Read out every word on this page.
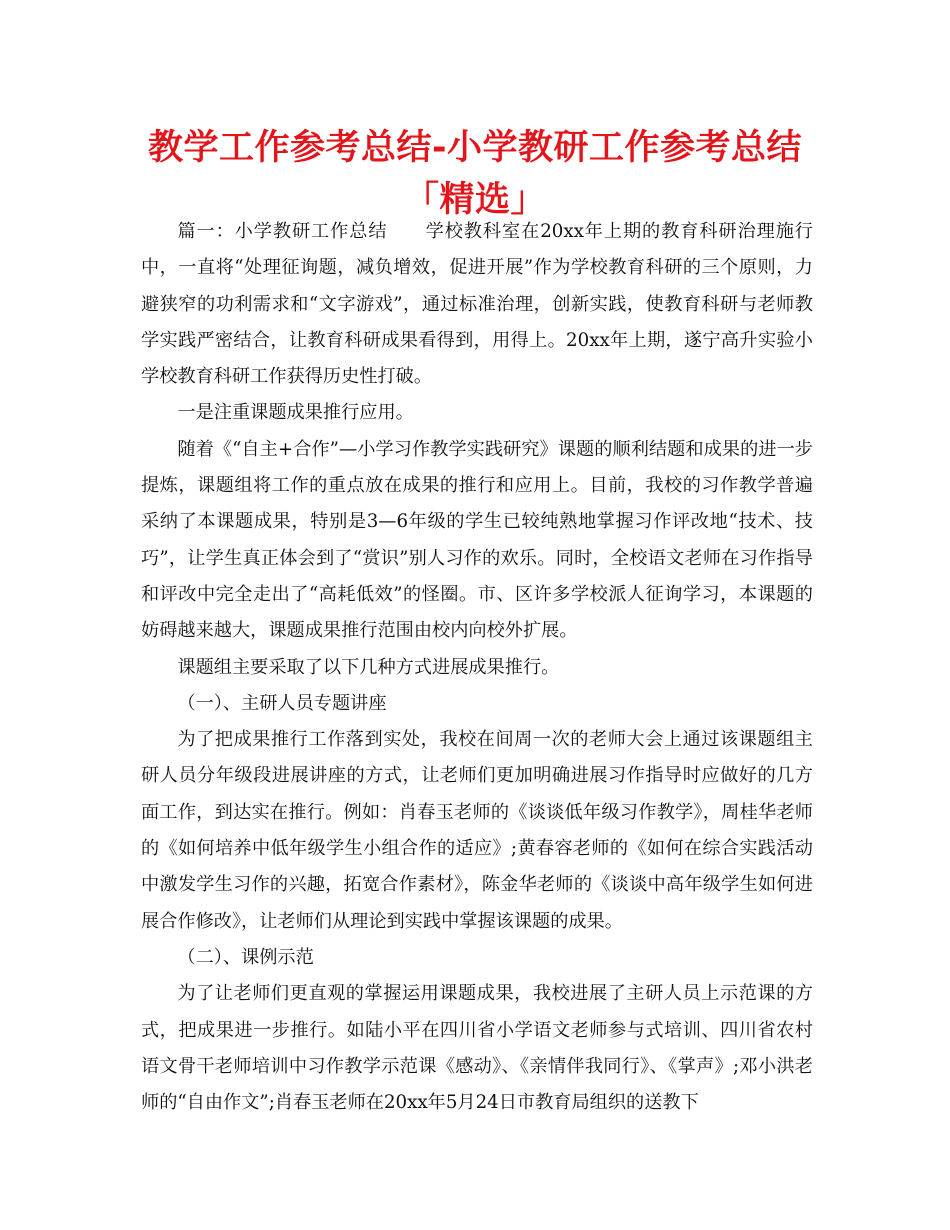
教学工作参考总结-小学教研工作参考总结「精选」

篇一：小学教研工作总结　　学校教科室在20xx年上期的教育科研治理施行中，一直将“处理征询题，减负增效，促进开展”作为学校教育科研的三个原则，力避狭窄的功利需求和“文字游戏”，通过标准治理，创新实践，使教育科研与老师教学实践严密结合，让教育科研成果看得到，用得上。20xx年上期，遂宁高升实验小学校教育科研工作获得历史性打破。

一是注重课题成果推行应用。

随着《“自主+合作”—小学习作教学实践研究》课题的顺利结题和成果的进一步提炼，课题组将工作的重点放在成果的推行和应用上。目前，我校的习作教学普遍采纳了本课题成果，特别是3—6年级的学生已较纯熟地掌握习作评改地“技术、技巧”，让学生真正体会到了“赏识”别人习作的欢乐。同时，全校语文老师在习作指导和评改中完全走出了“高耗低效”的怪圈。市、区许多学校派人征询学习，本课题的妨碍越来越大，课题成果推行范围由校内向校外扩展。

课题组主要采取了以下几种方式进展成果推行。

（一）、主研人员专题讲座

为了把成果推行工作落到实处，我校在间周一次的老师大会上通过该课题组主研人员分年级段进展讲座的方式，让老师们更加明确进展习作指导时应做好的几方面工作，到达实在推行。例如：肖春玉老师的《谈谈低年级习作教学》，周桂华老师的《如何培养中低年级学生小组合作的适应》;黄春容老师的《如何在综合实践活动中激发学生习作的兴趣，拓宽合作素材》，陈金华老师的《谈谈中高年级学生如何进展合作修改》，让老师们从理论到实践中掌握该课题的成果。

（二）、课例示范

为了让老师们更直观的掌握运用课题成果，我校进展了主研人员上示范课的方式，把成果进一步推行。如陆小平在四川省小学语文老师参与式培训、四川省农村语文骨干老师培训中习作教学示范课《感动》、《亲情伴我同行》、《掌声》;邓小洪老师的“自由作文”;肖春玉老师在20xx年5月24日市教育局组织的送教下
